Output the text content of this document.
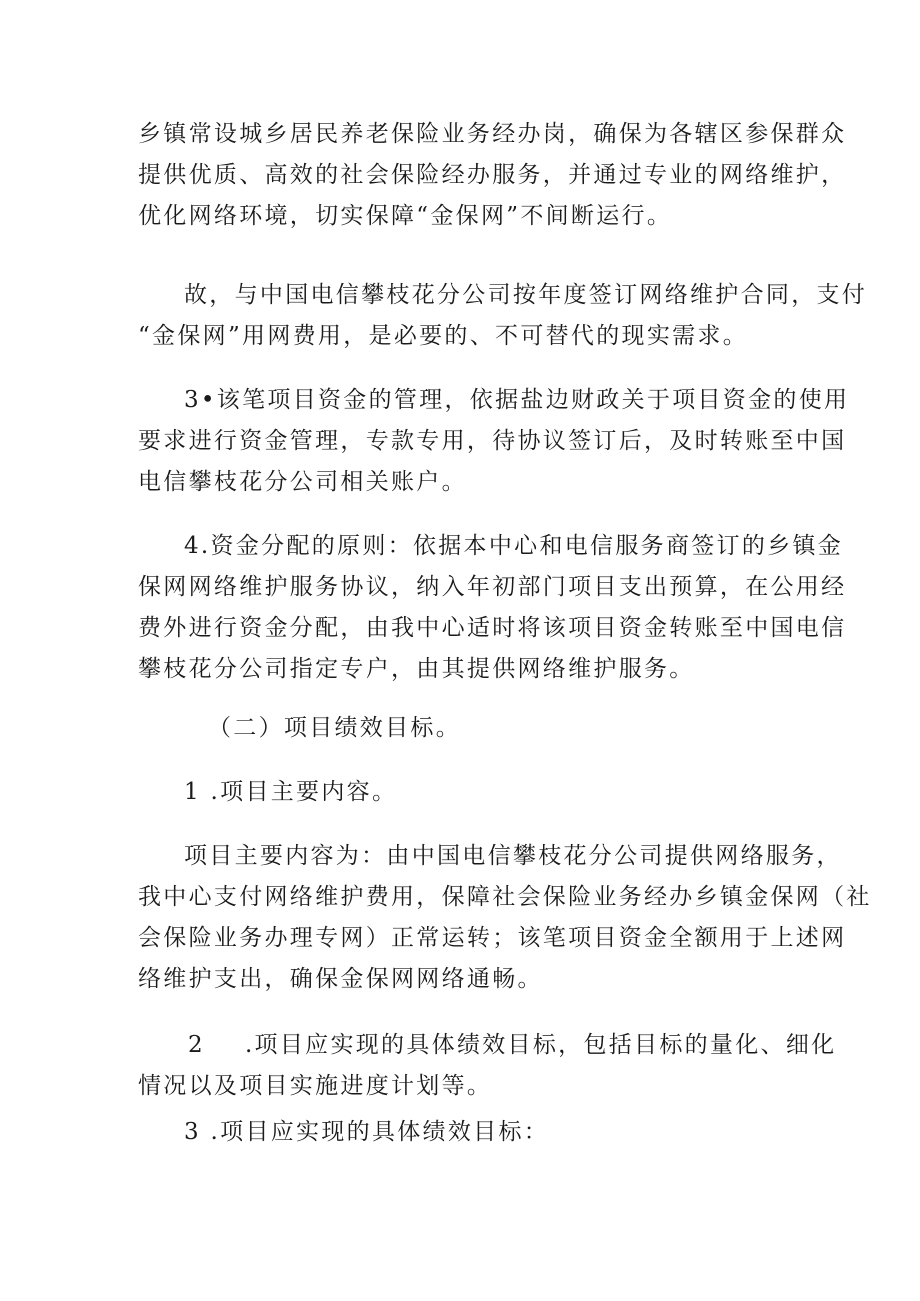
乡镇常设城乡居民养老保险业务经办岗，确保为各辖区参保群众
提供优质、高效的社会保险经办服务，并通过专业的网络维护，
优化网络环境，切实保障“金保网”不间断运行。

故，与中国电信攀枝花分公司按年度签订网络维护合同，支付
“金保网”用网费用，是必要的、不可替代的现实需求。

3•该笔项目资金的管理，依据盐边财政关于项目资金的使用
要求进行资金管理，专款专用，待协议签订后，及时转账至中国
电信攀枝花分公司相关账户。

4.资金分配的原则：依据本中心和电信服务商签订的乡镇金
保网网络维护服务协议，纳入年初部门项目支出预算，在公用经
费外进行资金分配，由我中心适时将该项目资金转账至中国电信
攀枝花分公司指定专户，由其提供网络维护服务。

（二）项目绩效目标。

1 .项目主要内容。

项目主要内容为：由中国电信攀枝花分公司提供网络服务，
我中心支付网络维护费用，保障社会保险业务经办乡镇金保网（社
会保险业务办理专网）正常运转；该笔项目资金全额用于上述网
络维护支出，确保金保网网络通畅。

2 .项目应实现的具体绩效目标，包括目标的量化、细化
情况以及项目实施进度计划等。

3 .项目应实现的具体绩效目标：
